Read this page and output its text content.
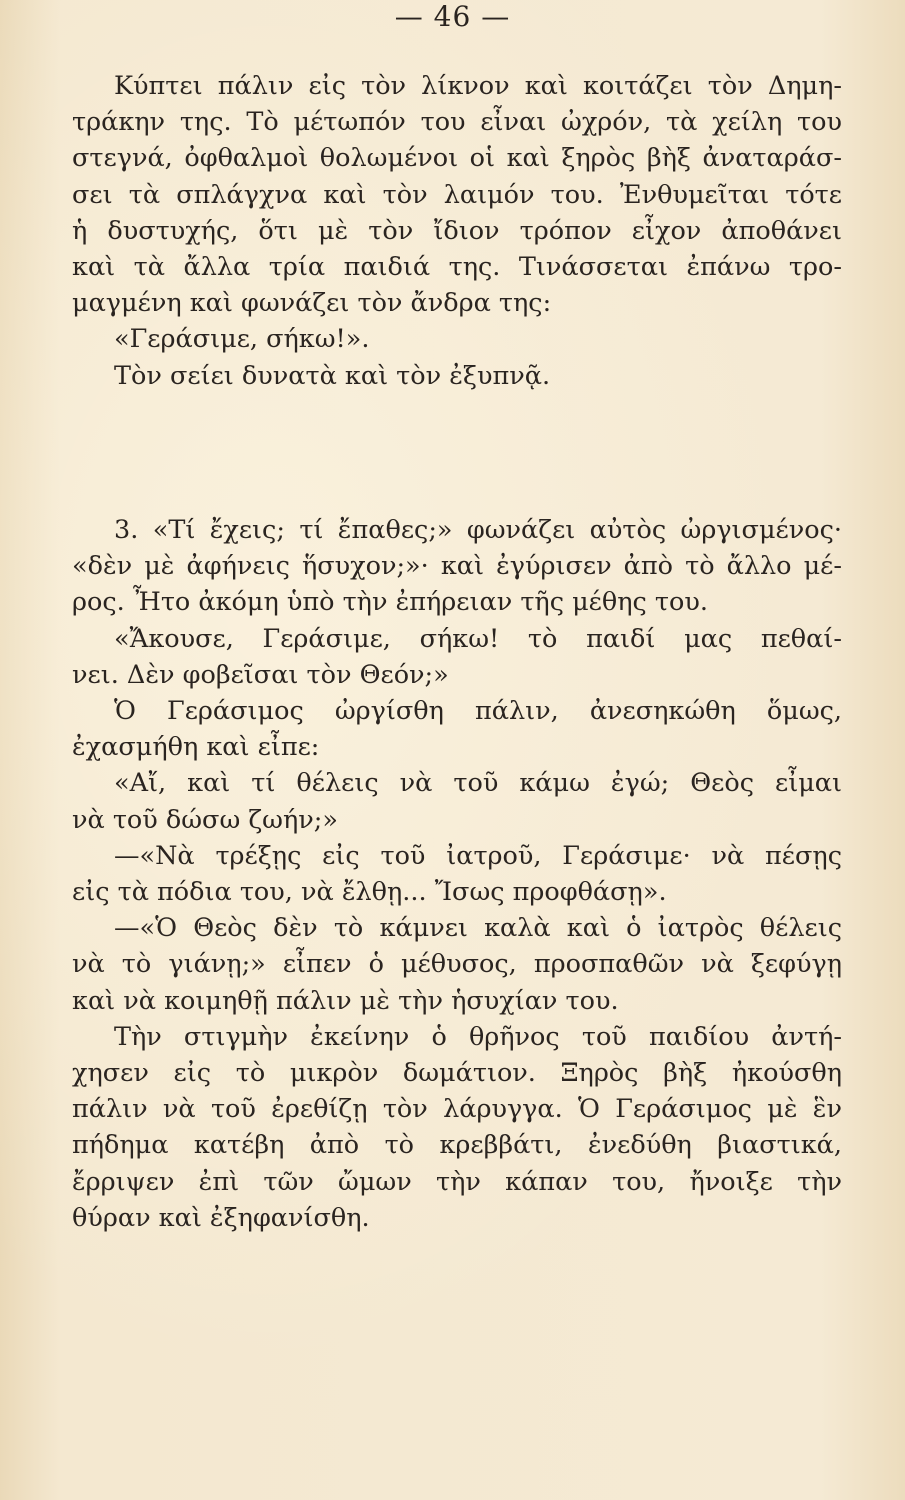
— 46 —
Κύπτει πάλιν εἰς τὸν λίκνον καὶ κοιτάζει τὸν Δημη-
τράκην της. Τὸ μέτωπόν του εἶναι ὠχρόν, τὰ χείλη του
στεγνά, ὀφθαλμοὶ θολωμένοι οἱ καὶ ξηρὸς βὴξ ἀναταράσ-
σει τὰ σπλάγχνα καὶ τὸν λαιμόν του. Ἐνθυμεῖται τότε
ἡ δυστυχής, ὅτι μὲ τὸν ἴδιον τρόπον εἶχον ἀποθάνει
καὶ τὰ ἄλλα τρία παιδιά της. Τινάσσεται ἐπάνω τρο-
μαγμένη καὶ φωνάζει τὸν ἄνδρα της:
«Γεράσιμε, σήκω!».
Τὸν σείει δυνατὰ καὶ τὸν ἐξυπνᾷ.
3. «Τί ἔχεις; τί ἔπαθες;» φωνάζει αὐτὸς ὠργισμένος·
«δὲν μὲ ἀφήνεις ἥσυχον;»· καὶ ἐγύρισεν ἀπὸ τὸ ἄλλο μέ-
ρος. Ἦτο ἀκόμη ὑπὸ τὴν ἐπήρειαν τῆς μέθης του.
«Ἄκουσε, Γεράσιμε, σήκω! τὸ παιδί μας πεθαί-
νει. Δὲν φοβεῖσαι τὸν Θεόν;»
Ὁ Γεράσιμος ὠργίσθη πάλιν, ἀνεσηκώθη ὅμως,
ἐχασμήθη καὶ εἶπε:
«Αἴ, καὶ τί θέλεις νὰ τοῦ κάμω ἐγώ; Θεὸς εἶμαι
νὰ τοῦ δώσω ζωήν;»
—«Νὰ τρέξῃς εἰς τοῦ ἰατροῦ, Γεράσιμε· νὰ πέσῃς
εἰς τὰ πόδια του, νὰ ἔλθῃ... Ἴσως προφθάσῃ».
—«Ὁ Θεὸς δὲν τὸ κάμνει καλὰ καὶ ὁ ἰατρὸς θέλεις
νὰ τὸ γιάνῃ;» εἶπεν ὁ μέθυσος, προσπαθῶν νὰ ξεφύγῃ
καὶ νὰ κοιμηθῇ πάλιν μὲ τὴν ἡσυχίαν του.
Τὴν στιγμὴν ἐκείνην ὁ θρῆνος τοῦ παιδίου ἀντή-
χησεν εἰς τὸ μικρὸν δωμάτιον. Ξηρὸς βὴξ ἠκούσθη
πάλιν νὰ τοῦ ἐρεθίζῃ τὸν λάρυγγα. Ὁ Γεράσιμος μὲ ἓν
πήδημα κατέβη ἀπὸ τὸ κρεββάτι, ἐνεδύθη βιαστικά,
ἔρριψεν ἐπὶ τῶν ὤμων τὴν κάπαν του, ἤνοιξε τὴν
θύραν καὶ ἐξηφανίσθη.
